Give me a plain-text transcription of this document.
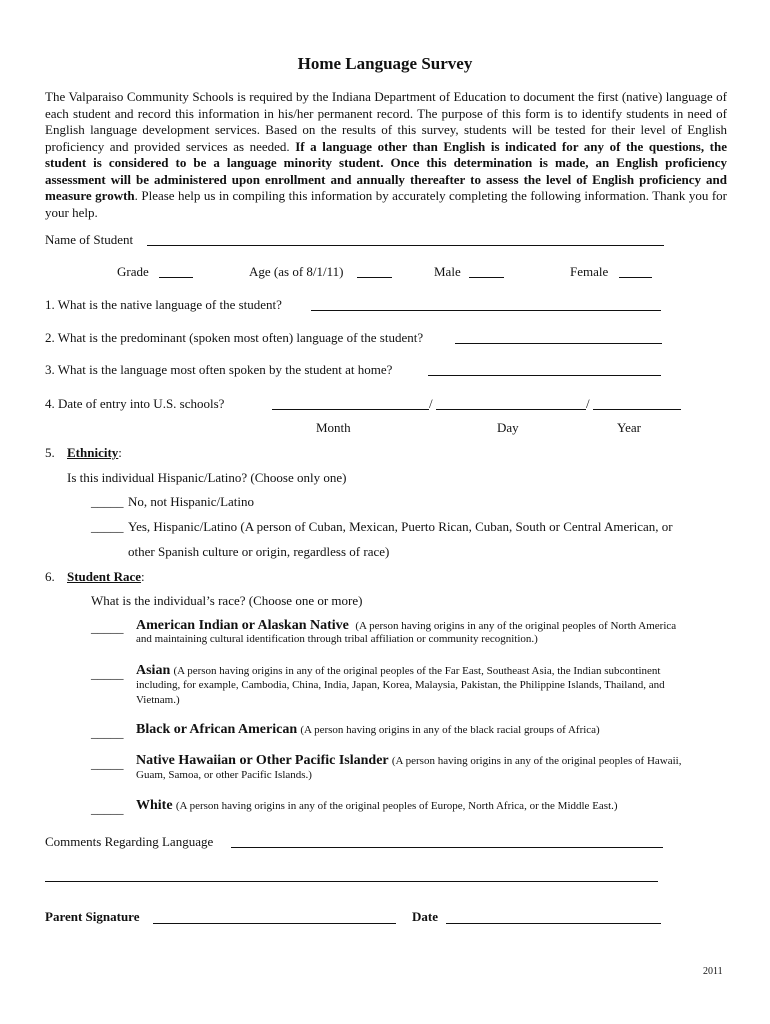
Home Language Survey
The Valparaiso Community Schools is required by the Indiana Department of Education to document the first (native) language of each student and record this information in his/her permanent record. The purpose of this form is to identify students in need of English language development services. Based on the results of this survey, students will be tested for their level of English proficiency and provided services as needed. If a language other than English is indicated for any of the questions, the student is considered to be a language minority student. Once this determination is made, an English proficiency assessment will be administered upon enrollment and annually thereafter to assess the level of English proficiency and measure growth. Please help us in compiling this information by accurately completing the following information. Thank you for your help.
Name of Student
Grade	Age (as of 8/1/11)	Male	Female
1. What is the native language of the student?
2. What is the predominant (spoken most often) language of the student?
3. What is the language most often spoken by the student at home?
4. Date of entry into U.S. schools?	/	/
Month	Day	Year
5. Ethnicity:
Is this individual Hispanic/Latino? (Choose only one)
_____ No, not Hispanic/Latino
_____ Yes, Hispanic/Latino (A person of Cuban, Mexican, Puerto Rican, Cuban, South or Central American, or
other Spanish culture or origin, regardless of race)
6. Student Race:
What is the individual’s race? (Choose one or more)
_____ American Indian or Alaskan Native (A person having origins in any of the original peoples of North America
and maintaining cultural identification through tribal affiliation or community recognition.)
_____ Asian (A person having origins in any of the original peoples of the Far East, Southeast Asia, the Indian subcontinent
including, for example, Cambodia, China, India, Japan, Korea, Malaysia, Pakistan, the Philippine Islands, Thailand, and
Vietnam.)
_____ Black or African American (A person having origins in any of the black racial groups of Africa)
_____ Native Hawaiian or Other Pacific Islander (A person having origins in any of the original peoples of Hawaii,
Guam, Samoa, or other Pacific Islands.)
_____ White (A person having origins in any of the original peoples of Europe, North Africa, or the Middle East.)
Comments Regarding Language
Parent Signature	Date
2011
